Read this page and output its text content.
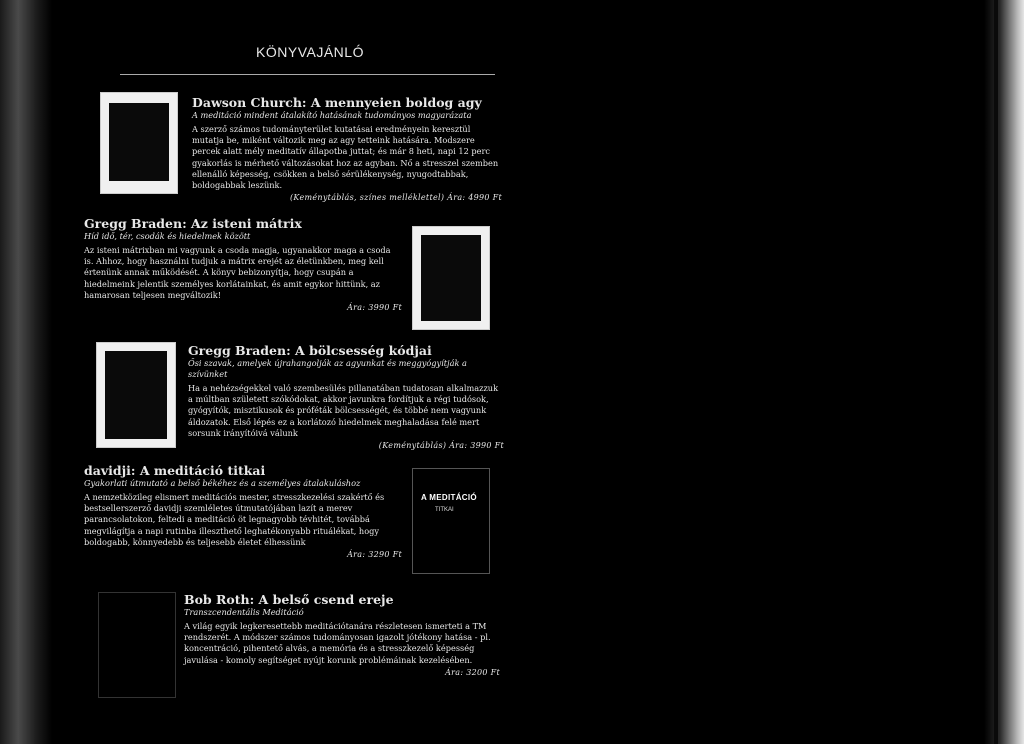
KÖNYVAJÁNLÓ
Dawson Church: A mennyeien boldog agy
A meditáció mindent átalakító hatásának tudományos magyarázata
A szerző számos tudományterület kutatásai eredményein keresztül mutatja be, miként változik meg az agy tetteink hatására. Modszere percek alatt mély meditatív állapotba juttat; és már 8 heti, napi 12 perc gyakorlás is mérhető változásokat hoz az agyban. Nő a stresszel szemben ellenálló képesség, csökken a belső sérülékenység, nyugodtabbak, boldogabbak leszünk.
(Keménytáblás, színes melléklettel) Ára: 4990 Ft
Gregg Braden: Az isteni mátrix
Híd idő, tér, csodák és hiedelmek között
Az isteni mátrixban mi vagyunk a csoda magja, ugyanakkor maga a csoda is. Ahhoz, hogy használni tudjuk a mátrix erejét az életünkben, meg kell értenünk annak működését. A könyv bebizonyítja, hogy csupán a hiedelmeink jelentik személyes korlátainkat, és amit egykor hittünk, az hamarosan teljesen megváltozik!
Ára: 3990 Ft
Gregg Braden: A bölcsesség kódjai
Ősi szavak, amelyek újrahangolják az agyunkat és meggyógyítják a szívünket
Ha a nehézségekkel való szembesülés pillanatában tudatosan alkalmazzuk a múltban született szókódokat, akkor javunkra fordítjuk a régi tudósok, gyógyítók, misztikusok és próféták bölcsességét, és többé nem vagyunk áldozatok. Első lépés ez a korlátozó hiedelmek meghaladása felé mert sorsunk irányítóivá válunk
(Keménytáblás) Ára: 3990 Ft
davidji: A meditáció titkai
Gyakorlati útmutató a belső békéhez és a személyes átalakuláshoz
A nemzetközileg elismert meditációs mester, stresszkezelési szakértő és bestsellerszerző davidji szemléletes útmutatójában lazít a merev parancsolatokon, feltedi a meditáció öt legnagyobb tévhitét, továbbá megvilágítja a napi rutinba illeszthető leghatékonyabb rituálékat, hogy boldogabb, könnyedebb és teljesebb életet élhessünk
Ára: 3290 Ft
A MEDITÁCIÓ
TITKAI
Bob Roth: A belső csend ereje
Transzcendentális Meditáció
A világ egyik legkeresettebb meditációtanára részletesen ismerteti a TM rendszerét. A módszer számos tudományosan igazolt jótékony hatása - pl. koncentráció, pihentető alvás, a memória és a stresszkezelő képesség javulása - komoly segítséget nyújt korunk problémáinak kezelésében.
Ára: 3200 Ft
